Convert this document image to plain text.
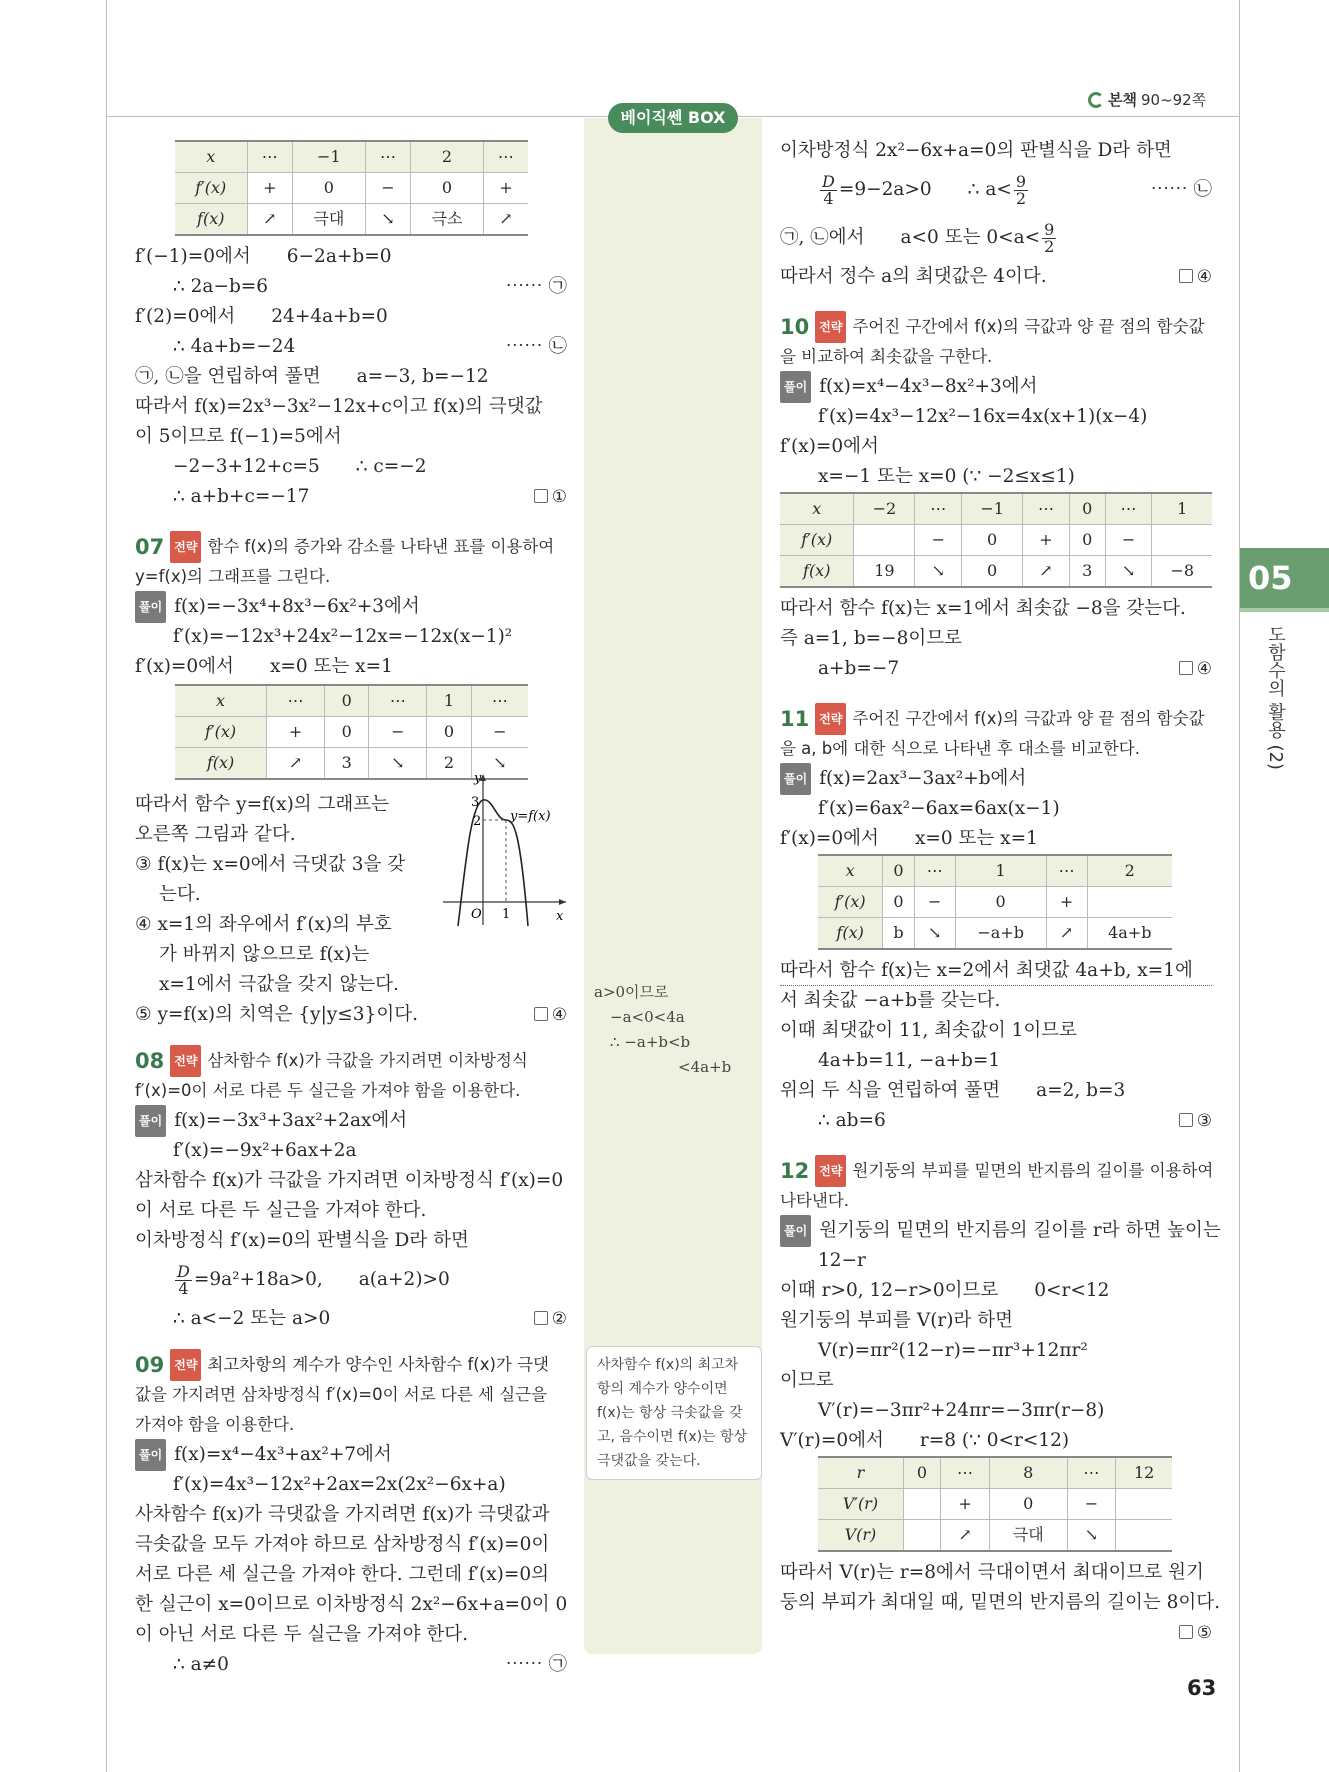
본책 90~92쪽
베이직쎈 BOX
05
도함수의 활용 (2)
x	⋯	−1	⋯	2	⋯
f′(x)	+	0	−	0	+
f(x)	↗	극대	↘	극소	↗
f′(−1)=0에서 6−2a+b=0
∴ 2a−b=6	⋯⋯ ㉠
f′(2)=0에서 24+4a+b=0
∴ 4a+b=−24	⋯⋯ ㉡
㉠, ㉡을 연립하여 풀면 a=−3, b=−12
따라서 f(x)=2x³−3x²−12x+c이고 f(x)의 극댓값
이 5이므로 f(−1)=5에서
−2−3+12+c=5 ∴ c=−2
∴ a+b+c=−17	①
07 전략 함수 f(x)의 증가와 감소를 나타낸 표를 이용하여
y=f(x)의 그래프를 그린다.
풀이 f(x)=−3x⁴+8x³−6x²+3에서
f′(x)=−12x³+24x²−12x=−12x(x−1)²
f′(x)=0에서 x=0 또는 x=1
x	⋯	0	⋯	1	⋯
f′(x)	+	0	−	0	−
f(x)	↗	3	↘	2	↘
따라서 함수 y=f(x)의 그래프는
오른쪽 그림과 같다.
③ f(x)는 x=0에서 극댓값 3을 갖
는다.
④ x=1의 좌우에서 f′(x)의 부호
가 바뀌지 않으므로 f(x)는
x=1에서 극값을 갖지 않는다.
⑤ y=f(x)의 치역은 {y|y≤3}이다.	④
08 전략 삼차함수 f(x)가 극값을 가지려면 이차방정식
f′(x)=0이 서로 다른 두 실근을 가져야 함을 이용한다.
풀이 f(x)=−3x³+3ax²+2ax에서
f′(x)=−9x²+6ax+2a
삼차함수 f(x)가 극값을 가지려면 이차방정식 f′(x)=0
이 서로 다른 두 실근을 가져야 한다.
이차방정식 f′(x)=0의 판별식을 D라 하면
$\frac{D}{4} =9a^2+18a>0$, a(a+2)>0
∴ a<−2 또는 a>0	②
09 전략 최고차항의 계수가 양수인 사차함수 f(x)가 극댓
값을 가지려면 삼차방정식 f′(x)=0이 서로 다른 세 실근을
가져야 함을 이용한다.
풀이 f(x)=x⁴−4x³+ax²+7에서
f′(x)=4x³−12x²+2ax=2x(2x²−6x+a)
사차함수 f(x)가 극댓값을 가지려면 f(x)가 극댓값과
극솟값을 모두 가져야 하므로 삼차방정식 f′(x)=0이
서로 다른 세 실근을 가져야 한다. 그런데 f′(x)=0의
한 실근이 x=0이므로 이차방정식 2x²−6x+a=0이 0
이 아닌 서로 다른 두 실근을 가져야 한다.
∴ a≠0	⋯⋯ ㉠
y
x
3
2
O 1
y=f(x)
a>0이므로
−a<0<4a
∴ −a+b<b
<4a+b
사차함수 f(x)의 최고차항의 계수가 양수이면 f(x)는 항상 극솟값을 갖고, 음수이면 f(x)는 항상 극댓값을 갖는다.
이차방정식 2x²−6x+a=0의 판별식을 D라 하면
$\frac{D}{4} =9-2a>0$ ∴ $a< \frac{9}{2}$	⋯⋯ ㉡
㉠, ㉡에서 a<0 또는 $0<a< \frac{9}{2}$
따라서 정수 a의 최댓값은 4이다.	④
10 전략 주어진 구간에서 f(x)의 극값과 양 끝 점의 함숫값
을 비교하여 최솟값을 구한다.
풀이 f(x)=x⁴−4x³−8x²+3에서
f′(x)=4x³−12x²−16x=4x(x+1)(x−4)
f′(x)=0에서
x=−1 또는 x=0 (∵ −2≤x≤1)
x	−2	⋯	−1	⋯	0	⋯	1
f′(x)		−	0	+	0	−	
f(x)	19	↘	0	↗	3	↘	−8
따라서 함수 f(x)는 x=1에서 최솟값 −8을 갖는다.
즉 a=1, b=−8이므로
a+b=−7	④
11 전략 주어진 구간에서 f(x)의 극값과 양 끝 점의 함숫값
을 a, b에 대한 식으로 나타낸 후 대소를 비교한다.
풀이 f(x)=2ax³−3ax²+b에서
f′(x)=6ax²−6ax=6ax(x−1)
f′(x)=0에서 x=0 또는 x=1
x	0	⋯	1	⋯	2
f′(x)	0	−	0	+	
f(x)	b	↘	−a+b	↗	4a+b
따라서 함수 f(x)는 x=2에서 최댓값 4a+b, x=1에
서 최솟값 −a+b를 갖는다.
이때 최댓값이 11, 최솟값이 1이므로
4a+b=11, −a+b=1
위의 두 식을 연립하여 풀면 a=2, b=3
∴ ab=6	③
12 전략 원기둥의 부피를 밑면의 반지름의 길이를 이용하여
나타낸다.
풀이 원기둥의 밑면의 반지름의 길이를 r라 하면 높이는
12−r
이때 r>0, 12−r>0이므로 0<r<12
원기둥의 부피를 V(r)라 하면
V(r)=πr²(12−r)=−πr³+12πr²
이므로
V′(r)=−3πr²+24πr=−3πr(r−8)
V′(r)=0에서 r=8 (∵ 0<r<12)
r	0	⋯	8	⋯	12
V′(r)		+	0	−	
V(r)		↗	극대	↘	
따라서 V(r)는 r=8에서 극대이면서 최대이므로 원기
둥의 부피가 최대일 때, 밑면의 반지름의 길이는 8이다.
⑤
63
